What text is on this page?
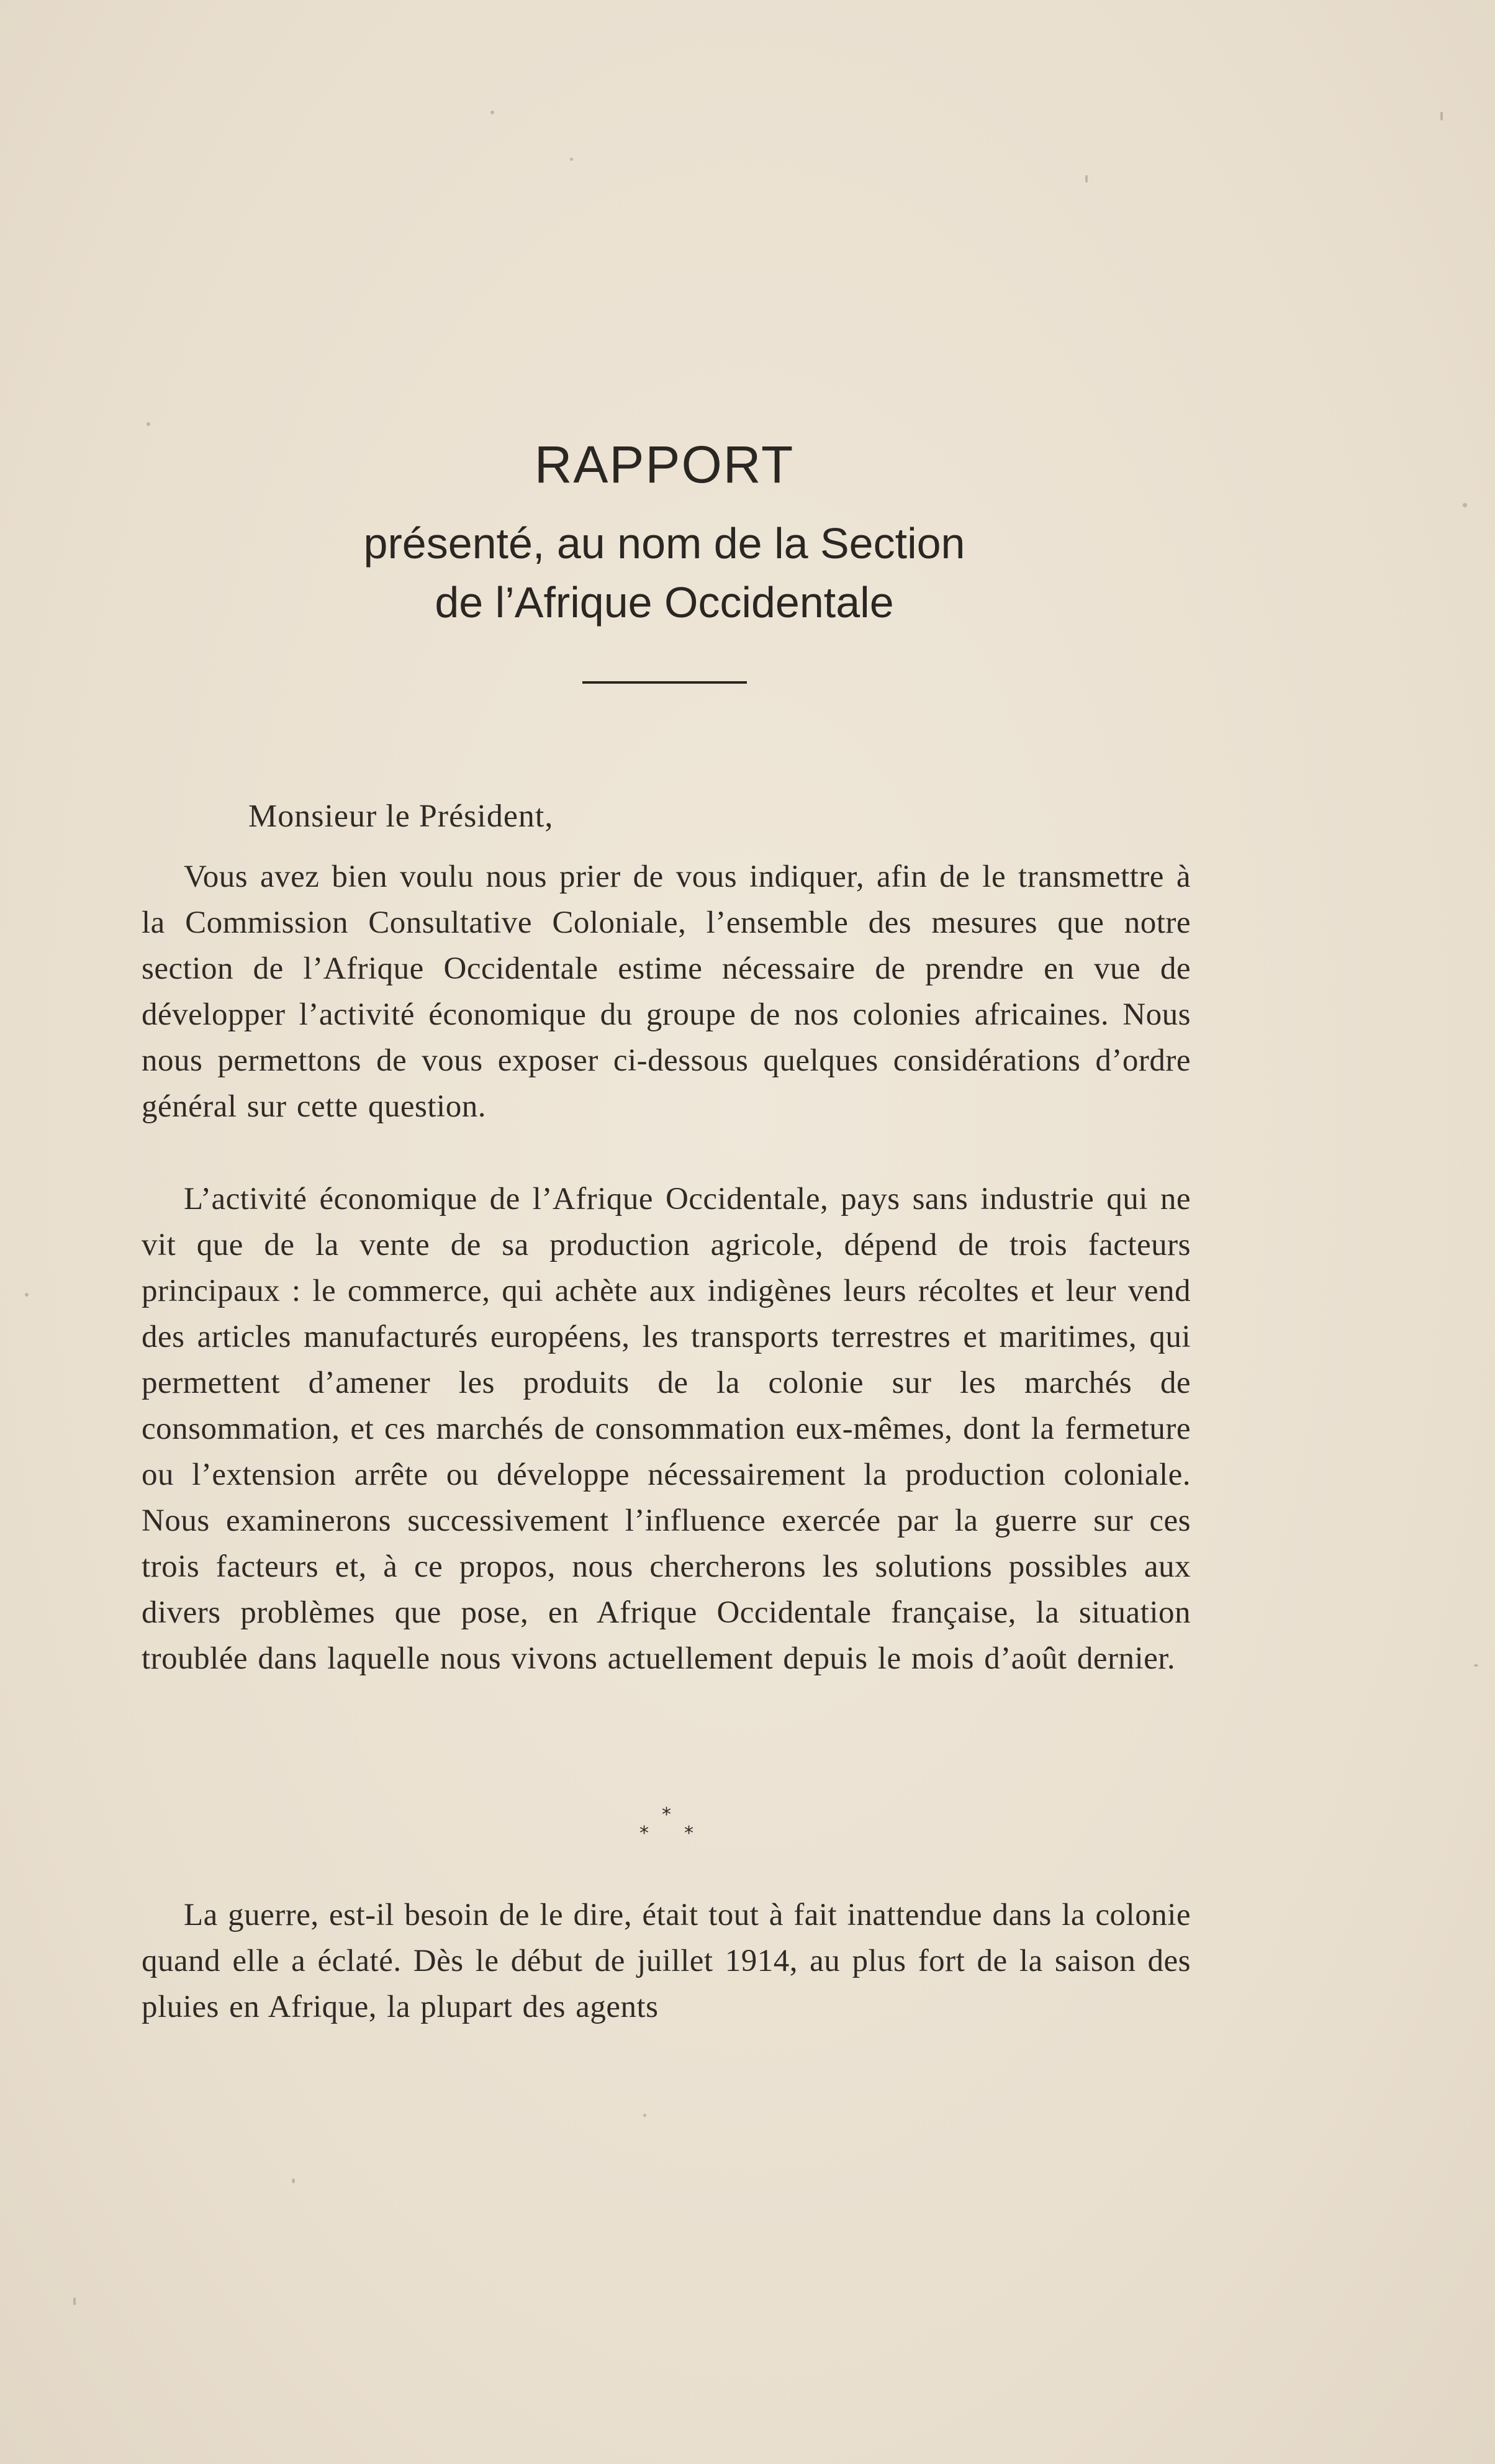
RAPPORT
présenté, au nom de la Section
de l’Afrique Occidentale

Monsieur le Président,

Vous avez bien voulu nous prier de vous indiquer, afin de le transmettre à la Commission Consultative Coloniale, l’ensemble des mesures que notre section de l’Afrique Occidentale estime nécessaire de prendre en vue de développer l’activité économique du groupe de nos colonies africaines. Nous nous permettons de vous exposer ci-dessous quelques considérations d’ordre général sur cette question.

L’activité économique de l’Afrique Occidentale, pays sans industrie qui ne vit que de la vente de sa production agricole, dépend de trois facteurs principaux : le commerce, qui achète aux indigènes leurs récoltes et leur vend des articles manufacturés européens, les transports terrestres et maritimes, qui permettent d’amener les produits de la colonie sur les marchés de consommation, et ces marchés de consommation eux-mêmes, dont la fermeture ou l’extension arrête ou développe nécessairement la production coloniale. Nous examinerons successivement l’influence exercée par la guerre sur ces trois facteurs et, à ce propos, nous chercherons les solutions possibles aux divers problèmes que pose, en Afrique Occidentale française, la situation troublée dans laquelle nous vivons actuellement depuis le mois d’août dernier.

*
* *

La guerre, est-il besoin de le dire, était tout à fait inattendue dans la colonie quand elle a éclaté. Dès le début de juillet 1914, au plus fort de la saison des pluies en Afrique, la plupart des agents
